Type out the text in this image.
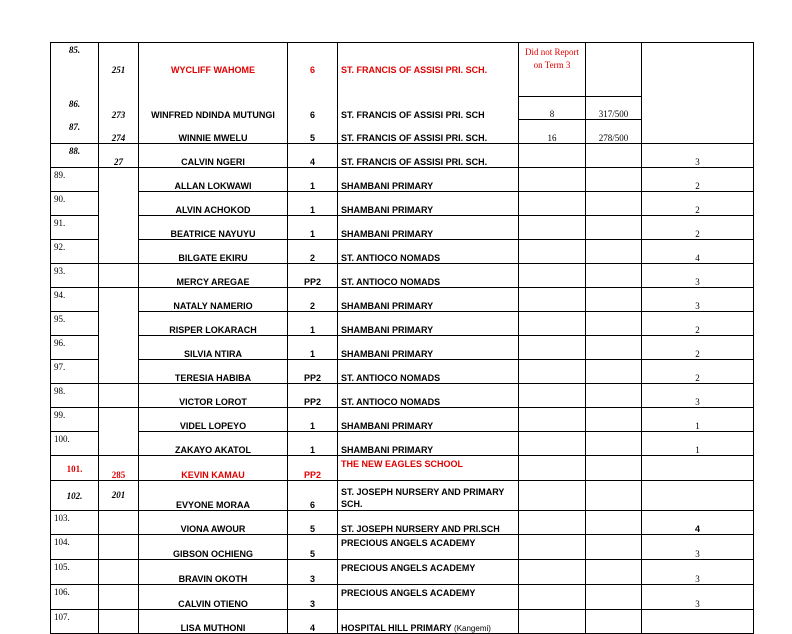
85.	251	WYCLIFF WAHOME	6	ST. FRANCIS OF ASSISI PRI. SCH.	Did not Report on Term 3		
86.	273	WINFRED NDINDA MUTUNGI	6	ST. FRANCIS OF ASSISI PRI. SCH	8	317/500	
87.	274	WINNIE MWELU	5	ST. FRANCIS OF ASSISI PRI. SCH.	16	278/500	
88.	27	CALVIN NGERI	4	ST. FRANCIS OF ASSISI PRI. SCH.			3
89.		ALLAN LOKWAWI	1	SHAMBANI PRIMARY			2
90.		ALVIN ACHOKOD	1	SHAMBANI PRIMARY			2
91.		BEATRICE NAYUYU	1	SHAMBANI PRIMARY			2
92.		BILGATE EKIRU	2	ST. ANTIOCO NOMADS			4
93.		MERCY AREGAE	PP2	ST. ANTIOCO NOMADS			3
94.		NATALY NAMERIO	2	SHAMBANI PRIMARY			3
95.		RISPER LOKARACH	1	SHAMBANI PRIMARY			2
96.		SILVIA NTIRA	1	SHAMBANI PRIMARY			2
97.		TERESIA HABIBA	PP2	ST. ANTIOCO NOMADS			2
98.		VICTOR LOROT	PP2	ST. ANTIOCO NOMADS			3
99.		VIDEL LOPEYO	1	SHAMBANI PRIMARY			1
100.		ZAKAYO AKATOL	1	SHAMBANI PRIMARY			1
101.	285	KEVIN KAMAU	PP2	THE NEW EAGLES SCHOOL			
102.	201	EVYONE MORAA	6	ST. JOSEPH NURSERY AND PRIMARY SCH.			
103.		VIONA AWOUR	5	ST. JOSEPH NURSERY AND PRI.SCH			4
104.		GIBSON OCHIENG	5	PRECIOUS ANGELS ACADEMY			3
105.		BRAVIN OKOTH	3	PRECIOUS ANGELS ACADEMY			3
106.		CALVIN OTIENO	3	PRECIOUS ANGELS ACADEMY			3
107.		LISA MUTHONI	4	HOSPITAL HILL PRIMARY (Kangemi)			
